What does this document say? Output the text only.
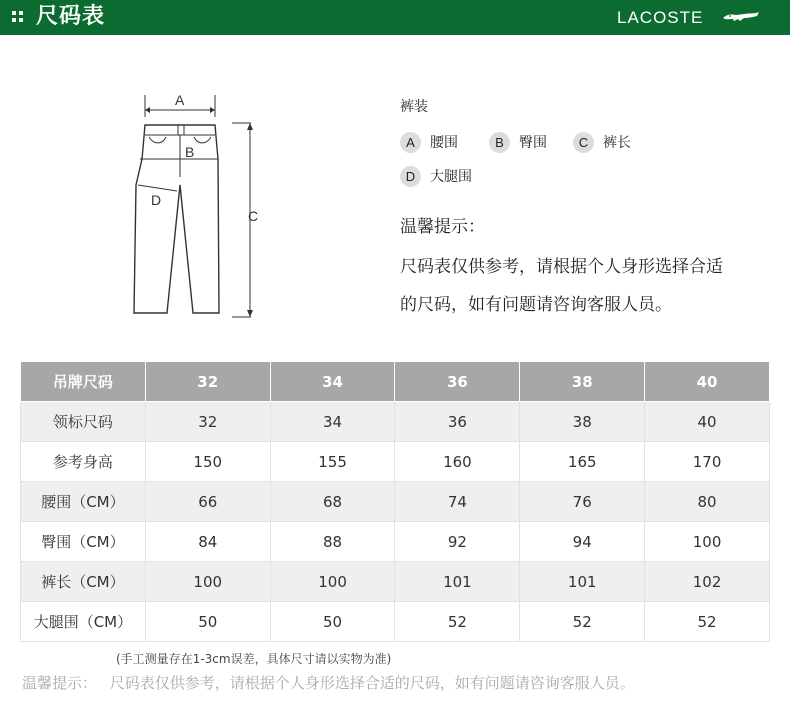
尺码表	LACOSTE
A
B
C
D
裤装
A 腰围	B 臀围	C 裤长
D 大腿围
温馨提示：
尺码表仅供参考，请根据个人身形选择合适
的尺码，如有问题请咨询客服人员。
吊牌尺码	32	34	36	38	40
领标尺码	32	34	36	38	40
参考身高	150	155	160	165	170
腰围（CM）	66	68	74	76	80
臀围（CM）	84	88	92	94	100
裤长（CM）	100	100	101	101	102
大腿围（CM）	50	50	52	52	52
(手工测量存在1-3cm误差，具体尺寸请以实物为准)
温馨提示： 尺码表仅供参考，请根据个人身形选择合适的尺码，如有问题请咨询客服人员。
